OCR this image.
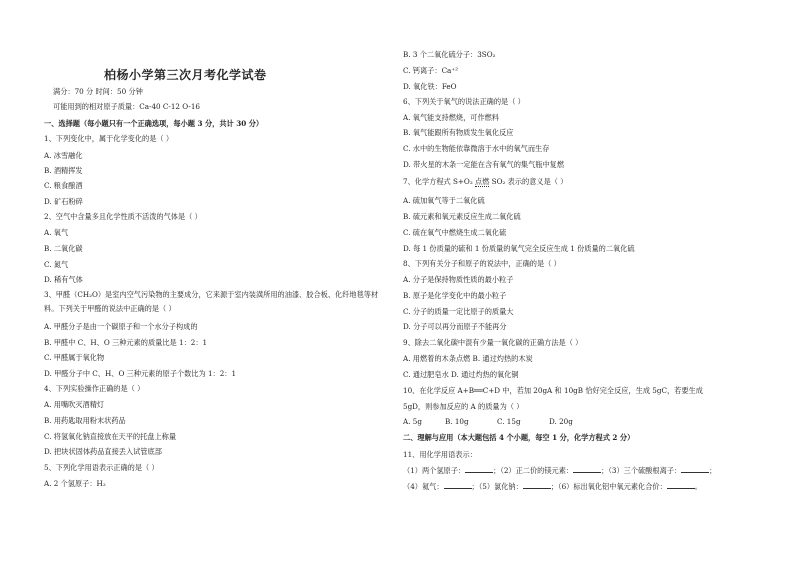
柏杨小学第三次月考化学试卷
满分：70 分 时间：50 分钟
可能用到的相对原子质量：Ca-40 C-12 O-16
一、选择题（每小题只有一个正确选项，每小题 3 分，共计 30 分）
1、下列变化中，属于化学变化的是（ ）
A. 冰雪融化
B. 酒精挥发
C. 粮食酿酒
D. 矿石粉碎
2、空气中含量多且化学性质不活泼的气体是（ ）
A. 氧气
B. 二氧化碳
C. 氮气
D. 稀有气体
3、甲醛（CH₂O）是室内空气污染物的主要成分，它来源于室内装潢所用的油漆、胶合板、化纤地毯等材料。下列关于甲醛的说法中正确的是（ ）
A. 甲醛分子是由一个碳原子和一个水分子构成的
B. 甲醛中 C、H、O 三种元素的质量比是 1：2：1
C. 甲醛属于氧化物
D. 甲醛分子中 C、H、O 三种元素的原子个数比为 1：2：1
4、下列实验操作正确的是（ ）
A. 用嘴吹灭酒精灯
B. 用药匙取用粉末状药品
C. 将氢氧化钠直接放在天平的托盘上称量
D. 把块状固体药品直接丢入试管底部
5、下列化学用语表示正确的是（ ）
A. 2 个氢原子：H₂
B. 3 个二氧化硫分子：3SO₂
C. 钙离子：Ca⁺²
D. 氧化铁：FeO
6、下列关于氧气的说法正确的是（ ）
A. 氧气能支持燃烧，可作燃料
B. 氧气能跟所有物质发生氧化反应
C. 水中的生物能依靠微溶于水中的氧气而生存
D. 带火星的木条一定能在含有氧气的集气瓶中复燃
7、化学方程式 S+O₂ 点燃 SO₂ 表示的意义是（ ）
A. 硫加氧气等于二氧化硫
B. 硫元素和氧元素反应生成二氧化硫
C. 硫在氧气中燃烧生成二氧化硫
D. 每 1 份质量的硫和 1 份质量的氧气完全反应生成 1 份质量的二氧化硫
8、下列有关分子和原子的说法中，正确的是（ ）
A. 分子是保持物质性质的最小粒子
B. 原子是化学变化中的最小粒子
C. 分子的质量一定比原子的质量大
D. 分子可以再分而原子不能再分
9、除去二氧化碳中混有少量一氧化碳的正确方法是（ ）
A. 用燃着的木条点燃 B. 通过灼热的木炭
C. 通过肥皂水 D. 通过灼热的氧化铜
10、在化学反应 A+B══C+D 中，若加 20gA 和 10gB 恰好完全反应，生成 5gC，若要生成
5gD，则参加反应的 A 的质量为（ ）
A. 5g	B. 10g	C. 15g	D. 20g
二、理解与应用（本大题包括 4 个小题，每空 1 分，化学方程式 2 分）
11、用化学用语表示：
（1）两个氢原子：	；（2）正二价的镁元素：	；（3）三个硫酸根离子：	；
（4）氦气：	；（5）氯化钠：	；（6）标出氧化铝中氧元素化合价：	。
